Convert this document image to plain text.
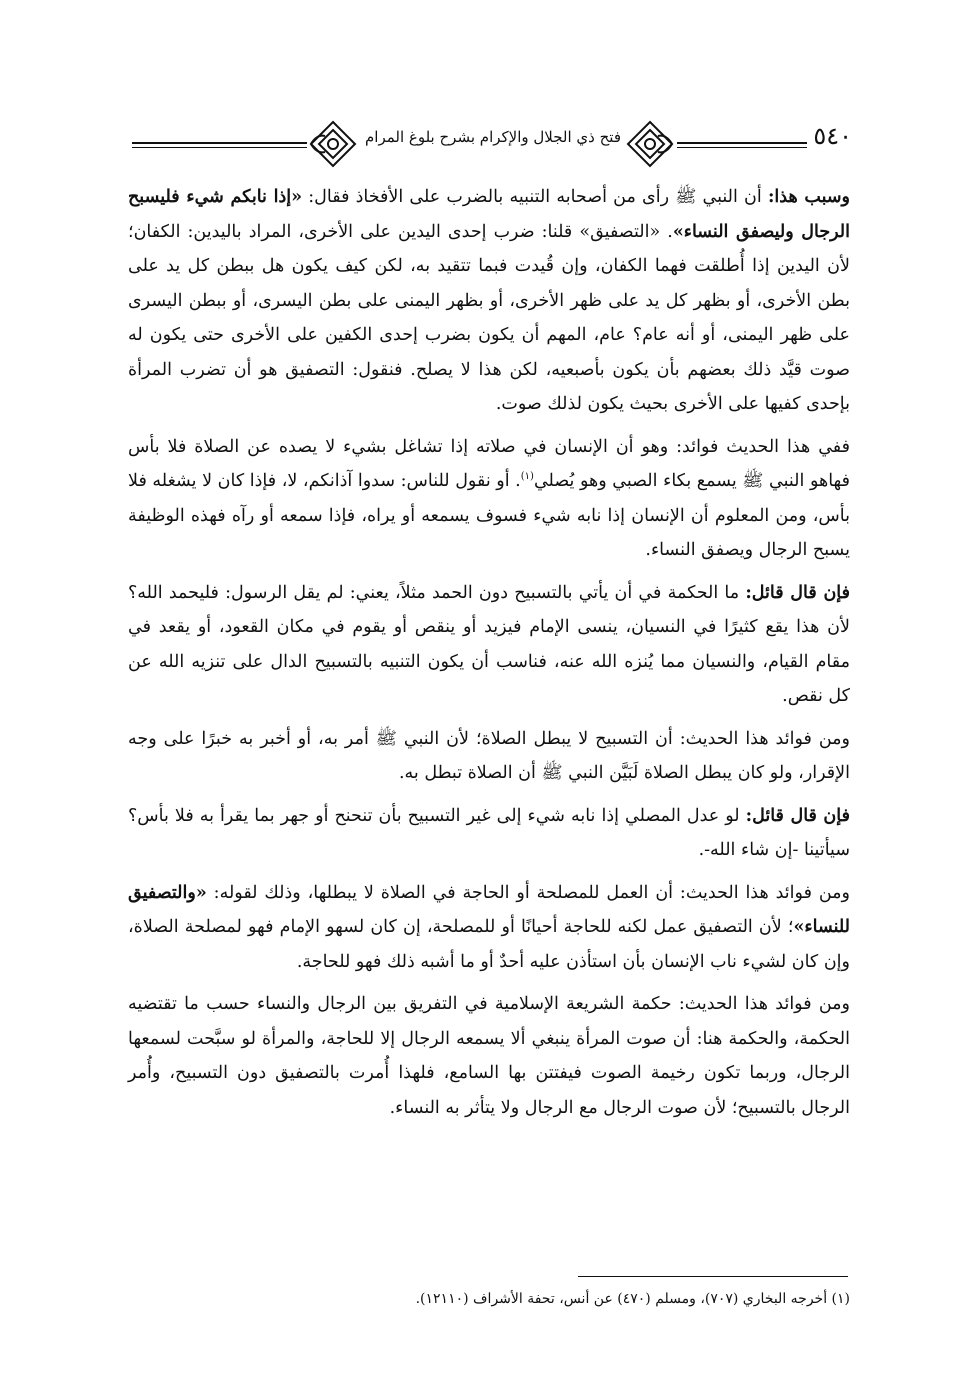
فتح ذي الجلال والإكرام بشرح بلوغ المرام	٥٤٠

وسبب هذا: أن النبي ﷺ رأى من أصحابه التنبيه بالضرب على الأفخاذ فقال: «إذا نابكم شيء فليسبح الرجال وليصفق النساء». «التصفيق» قلنا: ضرب إحدى اليدين على الأخرى، المراد باليدين: الكفان؛ لأن اليدين إذا أُطلقت فهما الكفان، وإن قُيدت فبما تتقيد به، لكن كيف يكون هل ببطن كل يد على بطن الأخرى، أو بظهر كل يد على ظهر الأخرى، أو بظهر اليمنى على بطن اليسرى، أو ببطن اليسرى على ظهر اليمنى، أو أنه عام؟ عام، المهم أن يكون بضرب إحدى الكفين على الأخرى حتى يكون له صوت قيَّد ذلك بعضهم بأن يكون بأصبعيه، لكن هذا لا يصلح. فنقول: التصفيق هو أن تضرب المرأة بإحدى كفيها على الأخرى بحيث يكون لذلك صوت.

ففي هذا الحديث فوائد: وهو أن الإنسان في صلاته إذا تشاغل بشيء لا يصده عن الصلاة فلا بأس فهاهو النبي ﷺ يسمع بكاء الصبي وهو يُصلي$^{(١)}$. أو نقول للناس: سدوا آذانكم، لا، فإذا كان لا يشغله فلا بأس، ومن المعلوم أن الإنسان إذا نابه شيء فسوف يسمعه أو يراه، فإذا سمعه أو رآه فهذه الوظيفة يسبح الرجال ويصفق النساء.

فإن قال قائل: ما الحكمة في أن يأتي بالتسبيح دون الحمد مثلاً، يعني: لم يقل الرسول: فليحمد الله؟ لأن هذا يقع كثيرًا في النسيان، ينسى الإمام فيزيد أو ينقص أو يقوم في مكان القعود، أو يقعد في مقام القيام، والنسيان مما يُنزه الله عنه، فناسب أن يكون التنبيه بالتسبيح الدال على تنزيه الله عن كل نقص.

ومن فوائد هذا الحديث: أن التسبيح لا يبطل الصلاة؛ لأن النبي ﷺ أمر به، أو أخبر به خبرًا على وجه الإقرار، ولو كان يبطل الصلاة لَبَيَّن النبي ﷺ أن الصلاة تبطل به.

فإن قال قائل: لو عدل المصلي إذا نابه شيء إلى غير التسبيح بأن تنحنح أو جهر بما يقرأ به فلا بأس؟ سيأتينا -إن شاء الله-.

ومن فوائد هذا الحديث: أن العمل للمصلحة أو الحاجة في الصلاة لا يبطلها، وذلك لقوله: «والتصفيق للنساء»؛ لأن التصفيق عمل لكنه للحاجة أحيانًا أو للمصلحة، إن كان لسهو الإمام فهو لمصلحة الصلاة، وإن كان لشيء ناب الإنسان بأن استأذن عليه أحدٌ أو ما أشبه ذلك فهو للحاجة.

ومن فوائد هذا الحديث: حكمة الشريعة الإسلامية في التفريق بين الرجال والنساء حسب ما تقتضيه الحكمة، والحكمة هنا: أن صوت المرأة ينبغي ألا يسمعه الرجال إلا للحاجة، والمرأة لو سبَّحت لسمعها الرجال، وربما تكون رخيمة الصوت فيفتتن بها السامع، فلهذا أُمرت بالتصفيق دون التسبيح، وأُمر الرجال بالتسبيح؛ لأن صوت الرجال مع الرجال ولا يتأثر به النساء.

(١) أخرجه البخاري (٧٠٧)، ومسلم (٤٧٠) عن أنس، تحفة الأشراف (١٢١١٠).
